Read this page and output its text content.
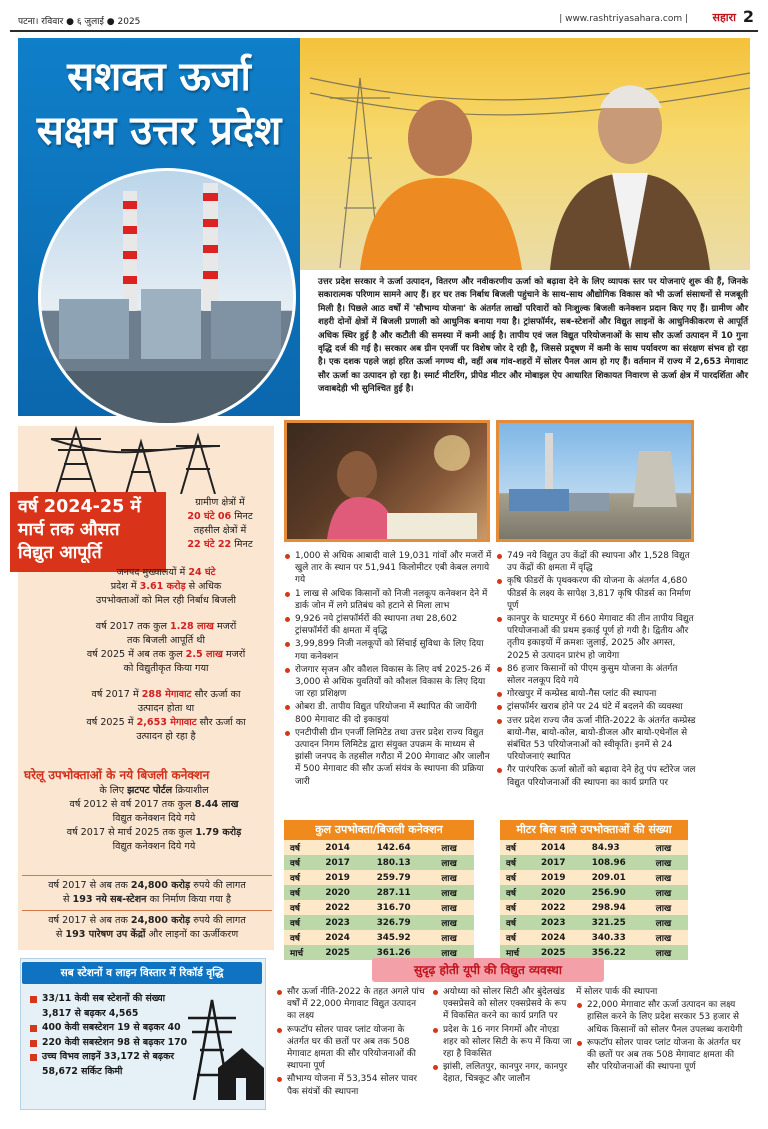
पटना। रविवार ● ६ जुलाई ● 2025	| www.rashtriyasahara.com | सहारा 2
सशक्त ऊर्जा
सक्षम उत्तर प्रदेश
उत्तर प्रदेश सरकार ने ऊर्जा उत्पादन, वितरण और नवीकरणीय ऊर्जा को बढ़ावा देने के लिए व्यापक स्तर पर योजनाएं शुरू की हैं, जिनके सकारात्मक परिणाम सामने आए हैं। हर घर तक निर्बाध बिजली पहुंचाने के साथ-साथ औद्योगिक विकास को भी ऊर्जा संसाधनों से मजबूती मिली है। पिछले आठ वर्षों में 'सौभाग्य योजना' के अंतर्गत लाखों परिवारों को निःशुल्क बिजली कनेक्शन प्रदान किए गए हैं। ग्रामीण और शहरी दोनों क्षेत्रों में बिजली प्रणाली को आधुनिक बनाया गया है। ट्रांसफॉर्मर, सब-स्टेशनों और विद्युत लाइनों के आधुनिकीकरण से आपूर्ति अधिक स्थिर हुई है और कटौती की समस्या में कमी आई है। तापीय एवं जल विद्युत परियोजनाओं के साथ सौर ऊर्जा उत्पादन में 10 गुना वृद्धि दर्ज की गई है। सरकार अब ग्रीन एनर्जी पर विशेष जोर दे रही है, जिससे प्रदूषण में कमी के साथ पर्यावरण का संरक्षण संभव हो रहा है। एक दशक पहले जहां हरित ऊर्जा नगण्य थी, वहीं अब गांव-शहरों में सोलर पैनल आम हो गए हैं। वर्तमान में राज्य में 2,653 मेगावाट सौर ऊर्जा का उत्पादन हो रहा है। स्मार्ट मीटरिंग, प्रीपेड मीटर और मोबाइल ऐप आधारित शिकायत निवारण से ऊर्जा क्षेत्र में पारदर्शिता और जवाबदेही भी सुनिश्चित हुई है।
वर्ष 2024-25 में मार्च तक औसत विद्युत आपूर्ति
ग्रामीण क्षेत्रों में
20 घंटे 06 मिनट
तहसील क्षेत्रों में
22 घंटे 22 मिनट
जनपद मुख्यालयों में 24 घंटे
प्रदेश में 3.61 करोड़ से अधिक
उपभोक्ताओं को मिल रही निर्बाध बिजली
वर्ष 2017 तक कुल 1.28 लाख मजरों
तक बिजली आपूर्ति थी
वर्ष 2025 में अब तक कुल 2.5 लाख मजरों
को विद्युतीकृत किया गया
वर्ष 2017 में 288 मेगावाट सौर ऊर्जा का
उत्पादन होता था
वर्ष 2025 में 2,653 मेगावाट सौर ऊर्जा का
उत्पादन हो रहा है
घरेलू उपभोक्ताओं के नये बिजली कनेक्शन
के लिए झटपट पोर्टल क्रियाशील
वर्ष 2012 से वर्ष 2017 तक कुल 8.44 लाख
विद्युत कनेक्शन दिये गये
वर्ष 2017 से मार्च 2025 तक कुल 1.79 करोड़
विद्युत कनेक्शन दिये गये
वर्ष 2017 से अब तक 24,800 करोड़ रुपये की लागत
से 193 नये सब-स्टेशन का निर्माण किया गया है
वर्ष 2017 से अब तक 24,800 करोड़ रुपये की लागत
से 193 पारेषण उप केंद्रों और लाइनों का ऊर्जीकरण
1,000 से अधिक आबादी वाले 19,031 गांवों और मजरों में खुले तार के स्थान पर 51,941 किलोमीटर एबी केबल लगाये गये
1 लाख से अधिक किसानों को निजी नलकूप कनेक्शन देने में डार्क जोन में लगे प्रतिबंध को हटाने से मिला लाभ
9,926 नये ट्रांसफॉर्मरों की स्थापना तथा 28,602 ट्रांसफॉर्मरों की क्षमता में वृद्धि
3,99,899 निजी नलकूपों को सिंचाई सुविधा के लिए दिया गया कनेक्शन
रोजगार सृजन और कौशल विकास के लिए वर्ष 2025-26 में 3,000 से अधिक युवतियों को कौशल विकास के लिए दिया जा रहा प्रशिक्षण
ओबरा डी. तापीय विद्युत परियोजना में स्थापित की जायेंगी 800 मेगावाट की दो इकाइयां
एनटीपीसी ग्रीन एनर्जी लिमिटेड तथा उत्तर प्रदेश राज्य विद्युत उत्पादन निगम लिमिटेड द्वारा संयुक्त उपक्रम के माध्यम से झांसी जनपद के तहसील गरौठा में 200 मेगावाट और जालौन में 500 मेगावाट की सौर ऊर्जा संयंत्र के स्थापना की प्रक्रिया जारी
749 नये विद्युत उप केंद्रों की स्थापना और 1,528 विद्युत उप केंद्रों की क्षमता में वृद्धि
कृषि फीडरों के पृथक्करण की योजना के अंतर्गत 4,680 फीडर्स के लक्ष्य के सापेक्ष 3,817 कृषि फीडर्स का निर्माण पूर्ण
कानपुर के घाटमपुर में 660 मेगावाट की तीन तापीय विद्युत परियोजनाओं की प्रथम इकाई पूर्ण हो गयी है। द्वितीय और तृतीय इकाइयों में क्रमशः जुलाई, 2025 और अगस्त, 2025 से उत्पादन प्रारंभ हो जायेगा
86 हजार किसानों को पीएम कुसुम योजना के अंतर्गत सोलर नलकूप दिये गये
गोरखपुर में कम्प्रेस्ड बायो-गैस प्लांट की स्थापना
ट्रांसफॉर्मर खराब होने पर 24 घंटे में बदलने की व्यवस्था
उत्तर प्रदेश राज्य जैव ऊर्जा नीति-2022 के अंतर्गत कम्प्रेस्ड बायो-गैस, बायो-कोल, बायो-डीजल और बायो-एथेनॉल से संबंधित 53 परियोजनाओं को स्वीकृति। इनमें से 24 परियोजनाएं स्थापित
गैर पारंपरिक ऊर्जा स्रोतों को बढ़ावा देने हेतु पंप स्टोरेज जल विद्युत परियोजनाओं की स्थापना का कार्य प्रगति पर
कुल उपभोक्ता/बिजली कनेक्शन
वर्ष	2014	142.64	लाख
वर्ष	2017	180.13	लाख
वर्ष	2019	259.79	लाख
वर्ष	2020	287.11	लाख
वर्ष	2022	316.70	लाख
वर्ष	2023	326.79	लाख
वर्ष	2024	345.92	लाख
मार्च	2025	361.26	लाख
मीटर बिल वाले उपभोक्ताओं की संख्या
वर्ष	2014	84.93	लाख
वर्ष	2017	108.96	लाख
वर्ष	2019	209.01	लाख
वर्ष	2020	256.90	लाख
वर्ष	2022	298.94	लाख
वर्ष	2023	321.25	लाख
वर्ष	2024	340.33	लाख
मार्च	2025	356.22	लाख
सब स्टेशनों व लाइन विस्तार में रिकॉर्ड वृद्धि
33/11 केवी सब स्टेशनों की संख्या
3,817 से बढ़कर 4,565
400 केवी सबस्टेशन 19 से बढ़कर 40
220 केवी सबस्टेशन 98 से बढ़कर 170
उच्च विभव लाइनें 33,172 से बढ़कर
58,672 सर्किट किमी
सुदृढ़ होती यूपी की विद्युत व्यवस्था
सौर ऊर्जा नीति-2022 के तहत अगले पांच वर्षों में 22,000 मेगावाट विद्युत उत्पादन का लक्ष्य
रूफटॉप सोलर पावर प्लांट योजना के अंतर्गत घर की छतों पर अब तक 508 मेगावाट क्षमता की सौर परियोजनाओं की स्थापना पूर्ण
सौभाग्य योजना में 53,354 सोलर पावर पैक संयंत्रों की स्थापना
अयोध्या को सोलर सिटी और बुंदेलखंड एक्सप्रेसवे को सोलर एक्सप्रेसवे के रूप में विकसित करने का कार्य प्रगति पर
प्रदेश के 16 नगर निगमों और नोएडा शहर को सोलर सिटी के रूप में किया जा रहा है विकसित
झांसी, ललितपुर, कानपुर नगर, कानपुर देहात, चित्रकूट और जालौन
में सोलर पार्क की स्थापना
22,000 मेगावाट सौर ऊर्जा उत्पादन का लक्ष्य हासिल करने के लिए प्रदेश सरकार 53 हजार से अधिक किसानों को सोलर पैनल उपलब्ध करायेगी
रूफटॉप सोलर पावर प्लांट योजना के अंतर्गत घर की छतों पर अब तक 508 मेगावाट क्षमता की सौर परियोजनाओं की स्थापना पूर्ण
